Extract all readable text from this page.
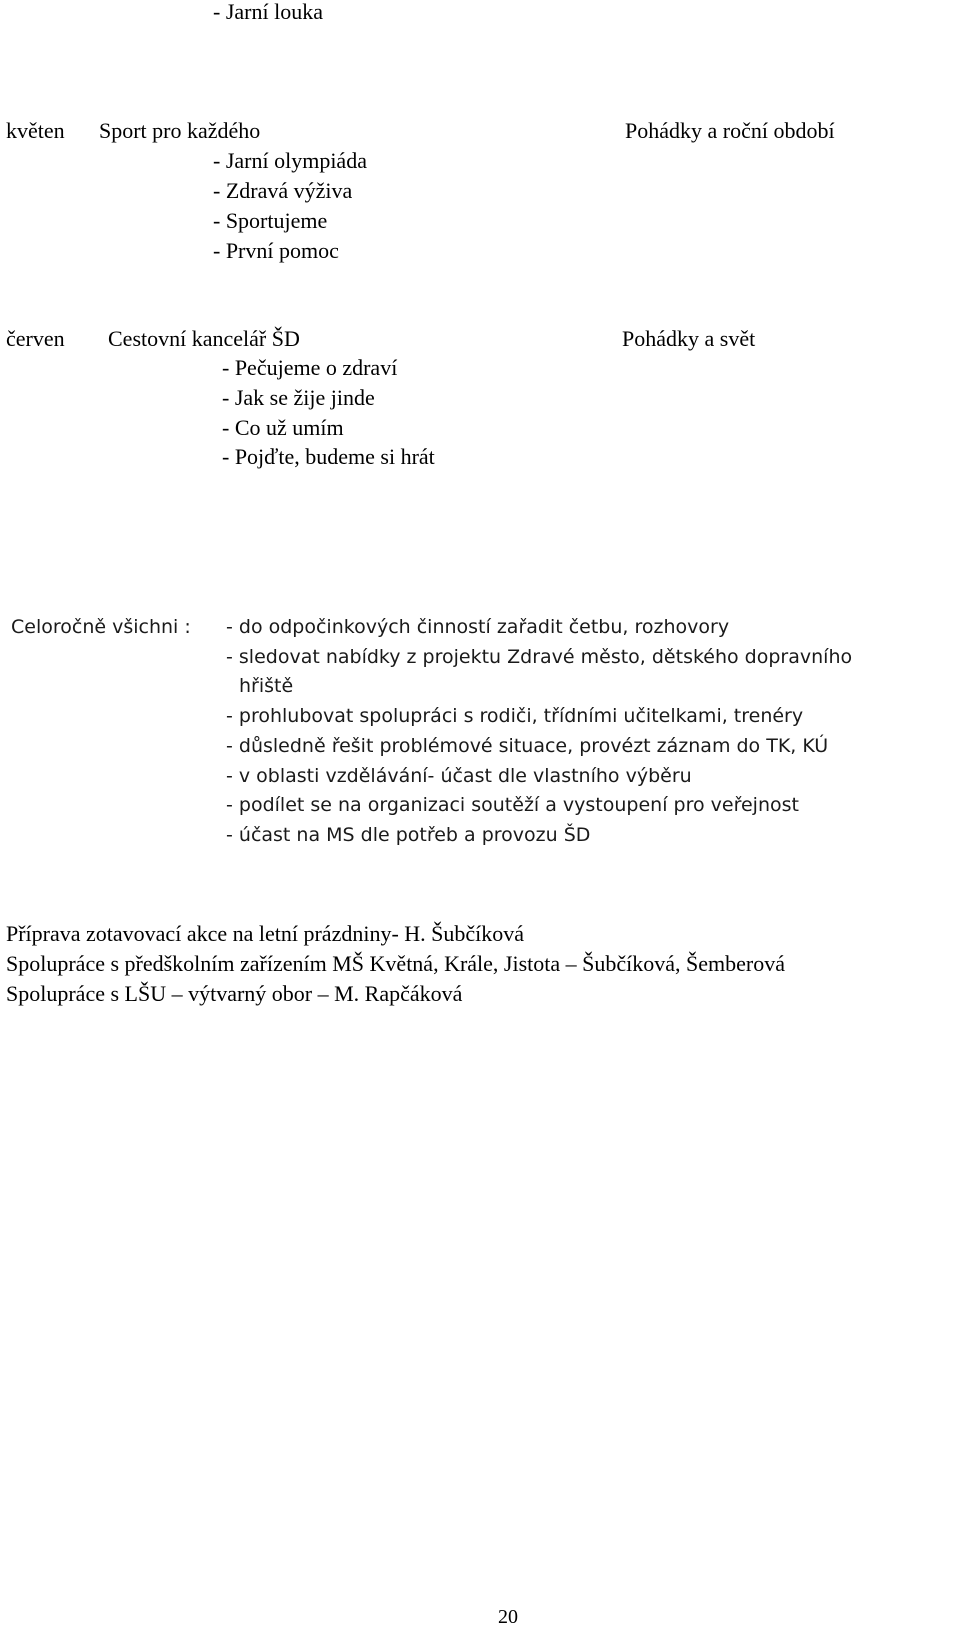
- Jarní louka
květen Sport pro každého	Pohádky a roční období
- Jarní olympiáda
- Zdravá výživa
- Sportujeme
- První pomoc
červen Cestovní kancelář ŠD	Pohádky a svět
- Pečujeme o zdraví
- Jak se žije jinde
- Co už umím
- Pojďte, budeme si hrát
Celoročně všichni : - do odpočinkových činností zařadit četbu, rozhovory
- sledovat nabídky z projektu Zdravé město, dětského dopravního
hřiště
- prohlubovat spolupráci s rodiči, třídními učitelkami, trenéry
- důsledně řešit problémové situace, provézt záznam do TK, KÚ
- v oblasti vzdělávání- účast dle vlastního výběru
- podílet se na organizaci soutěží a vystoupení pro veřejnost
- účast na MS dle potřeb a provozu ŠD
Příprava zotavovací akce na letní prázdniny- H. Šubčíková
Spolupráce s předškolním zařízením MŠ Květná, Krále, Jistota – Šubčíková, Šemberová
Spolupráce s LŠU – výtvarný obor – M. Rapčáková
20
